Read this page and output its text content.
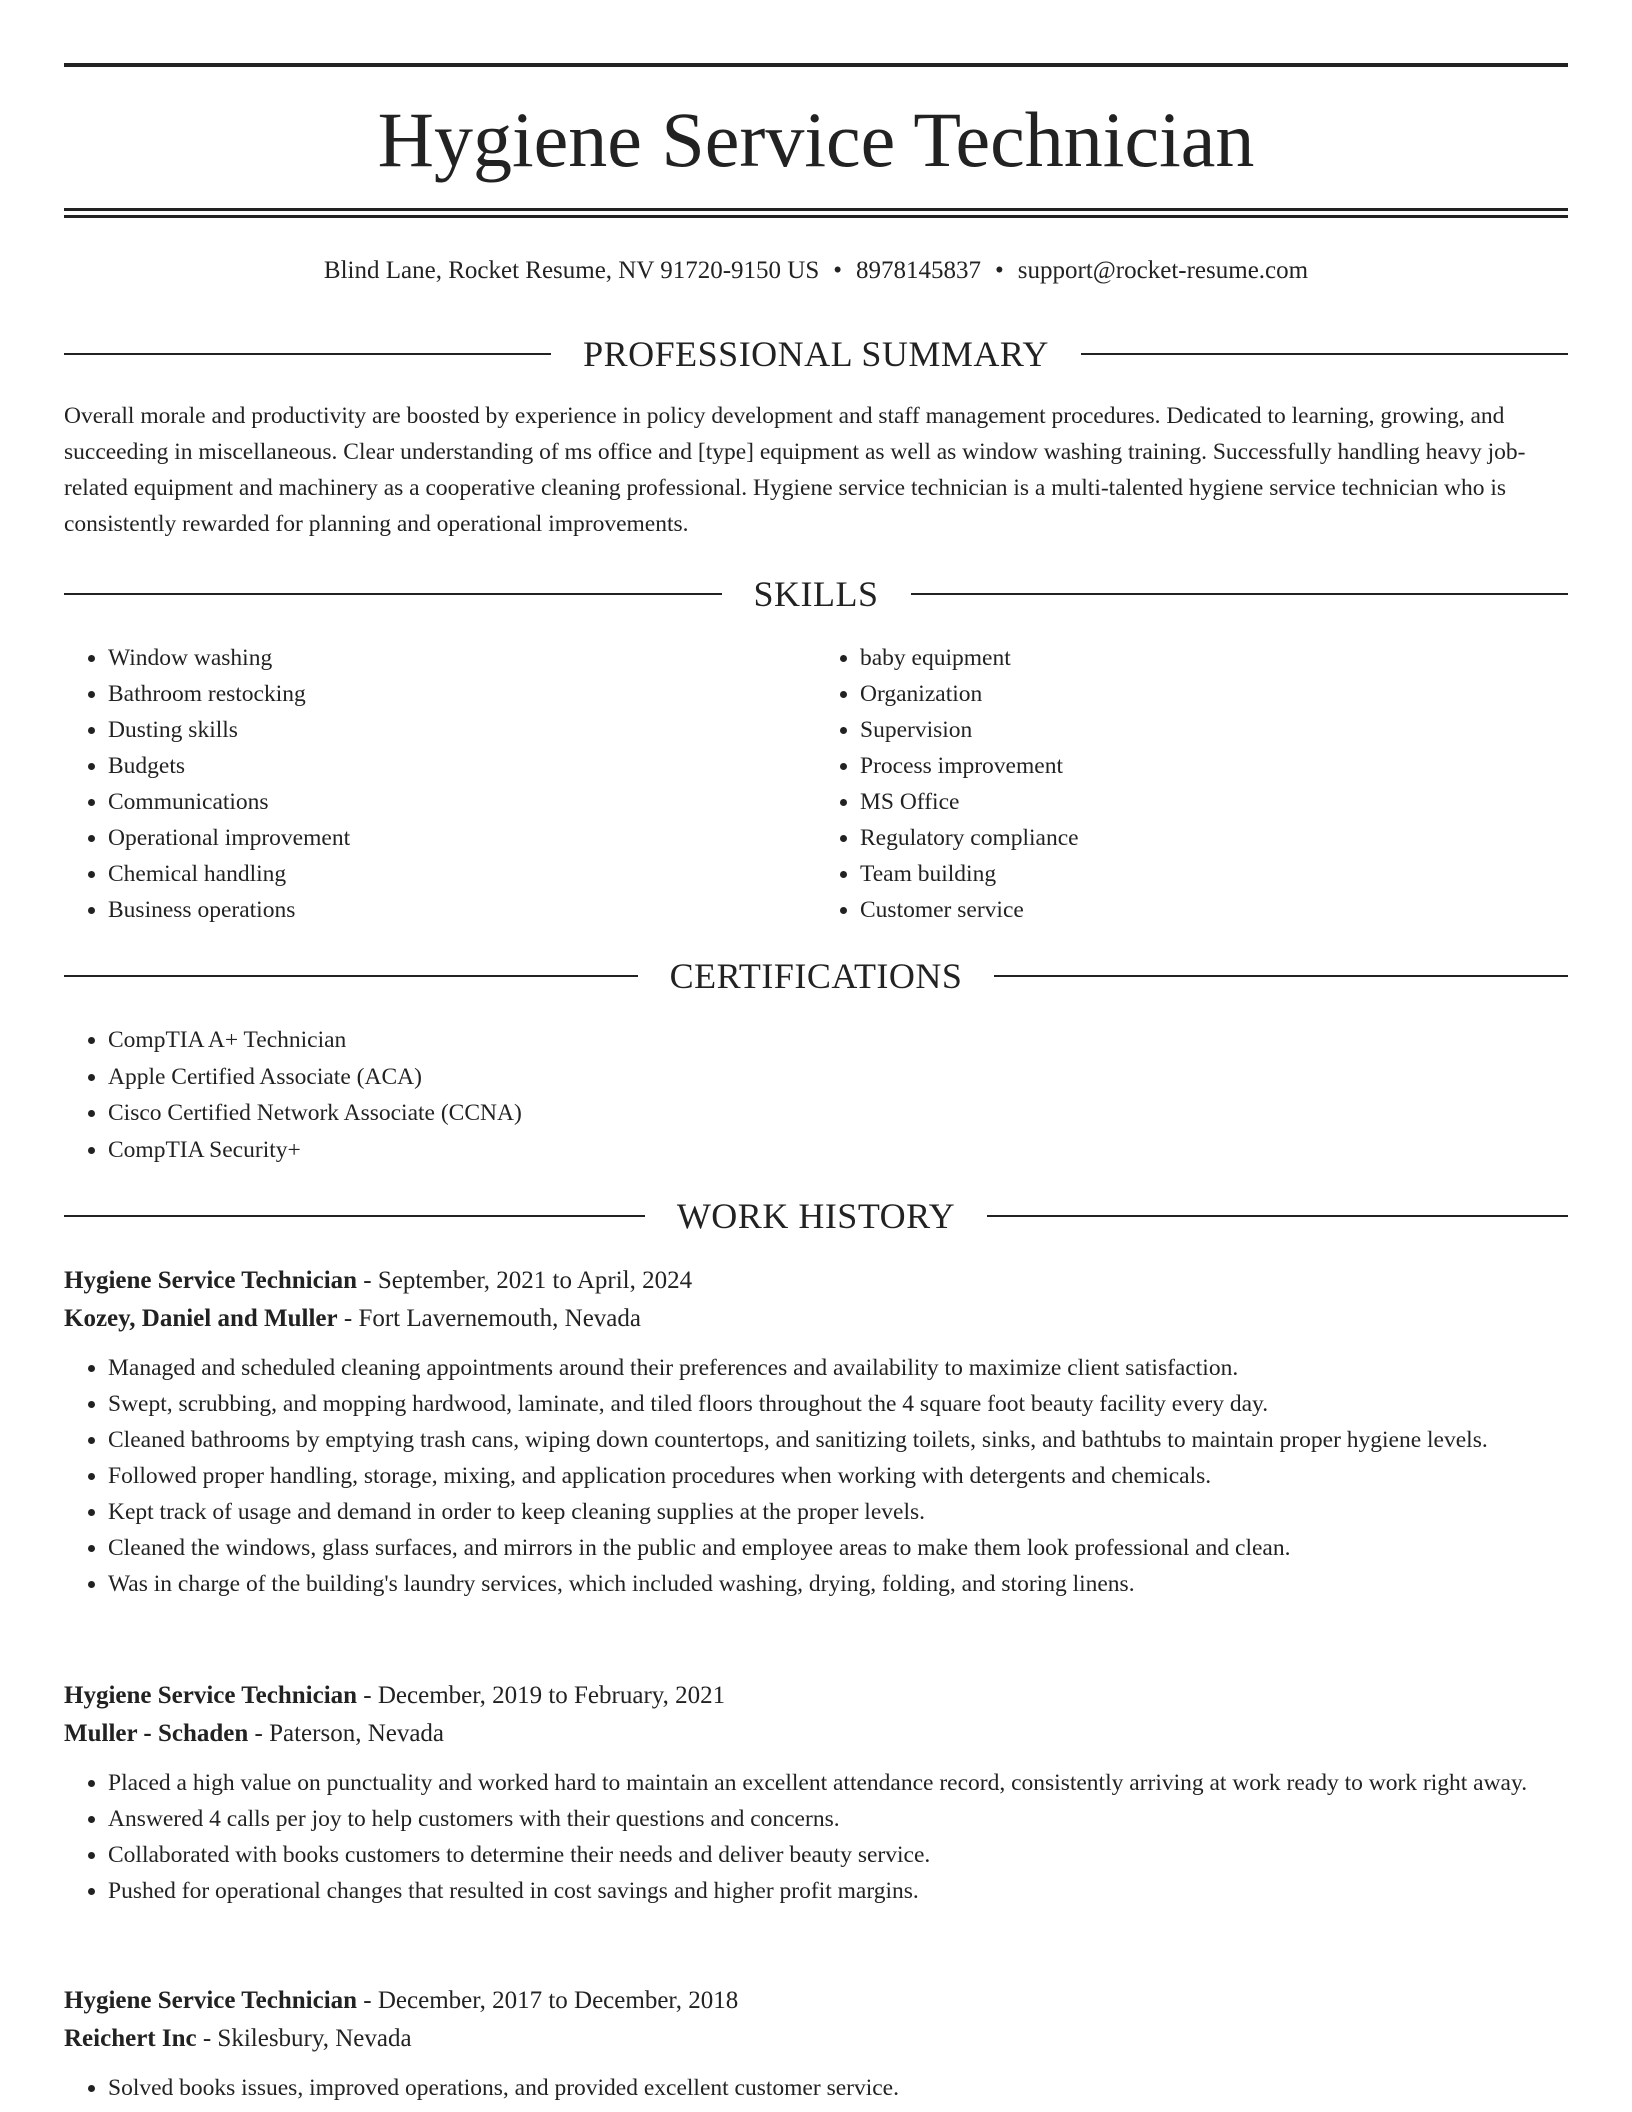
Hygiene Service Technician
Blind Lane, Rocket Resume, NV 91720-9150 US • 8978145837 • support@rocket-resume.com
PROFESSIONAL SUMMARY

Overall morale and productivity are boosted by experience in policy development and staff management procedures. Dedicated to learning, growing, and succeeding in miscellaneous. Clear understanding of ms office and [type] equipment as well as window washing training. Successfully handling heavy job-related equipment and machinery as a cooperative cleaning professional. Hygiene service technician is a multi-talented hygiene service technician who is consistently rewarded for planning and operational improvements.

SKILLS
• Window washing
• Bathroom restocking
• Dusting skills
• Budgets
• Communications
• Operational improvement
• Chemical handling
• Business operations
• baby equipment
• Organization
• Supervision
• Process improvement
• MS Office
• Regulatory compliance
• Team building
• Customer service
CERTIFICATIONS
• CompTIA A+ Technician
• Apple Certified Associate (ACA)
• Cisco Certified Network Associate (CCNA)
• CompTIA Security+
WORK HISTORY
Hygiene Service Technician - September, 2021 to April, 2024
Kozey, Daniel and Muller - Fort Lavernemouth, Nevada
• Managed and scheduled cleaning appointments around their preferences and availability to maximize client satisfaction.
• Swept, scrubbing, and mopping hardwood, laminate, and tiled floors throughout the 4 square foot beauty facility every day.
• Cleaned bathrooms by emptying trash cans, wiping down countertops, and sanitizing toilets, sinks, and bathtubs to maintain proper hygiene levels.
• Followed proper handling, storage, mixing, and application procedures when working with detergents and chemicals.
• Kept track of usage and demand in order to keep cleaning supplies at the proper levels.
• Cleaned the windows, glass surfaces, and mirrors in the public and employee areas to make them look professional and clean.
• Was in charge of the building's laundry services, which included washing, drying, folding, and storing linens.
Hygiene Service Technician - December, 2019 to February, 2021
Muller - Schaden - Paterson, Nevada
• Placed a high value on punctuality and worked hard to maintain an excellent attendance record, consistently arriving at work ready to work right away.
• Answered 4 calls per joy to help customers with their questions and concerns.
• Collaborated with books customers to determine their needs and deliver beauty service.
• Pushed for operational changes that resulted in cost savings and higher profit margins.
Hygiene Service Technician - December, 2017 to December, 2018
Reichert Inc - Skilesbury, Nevada
• Solved books issues, improved operations, and provided excellent customer service.
